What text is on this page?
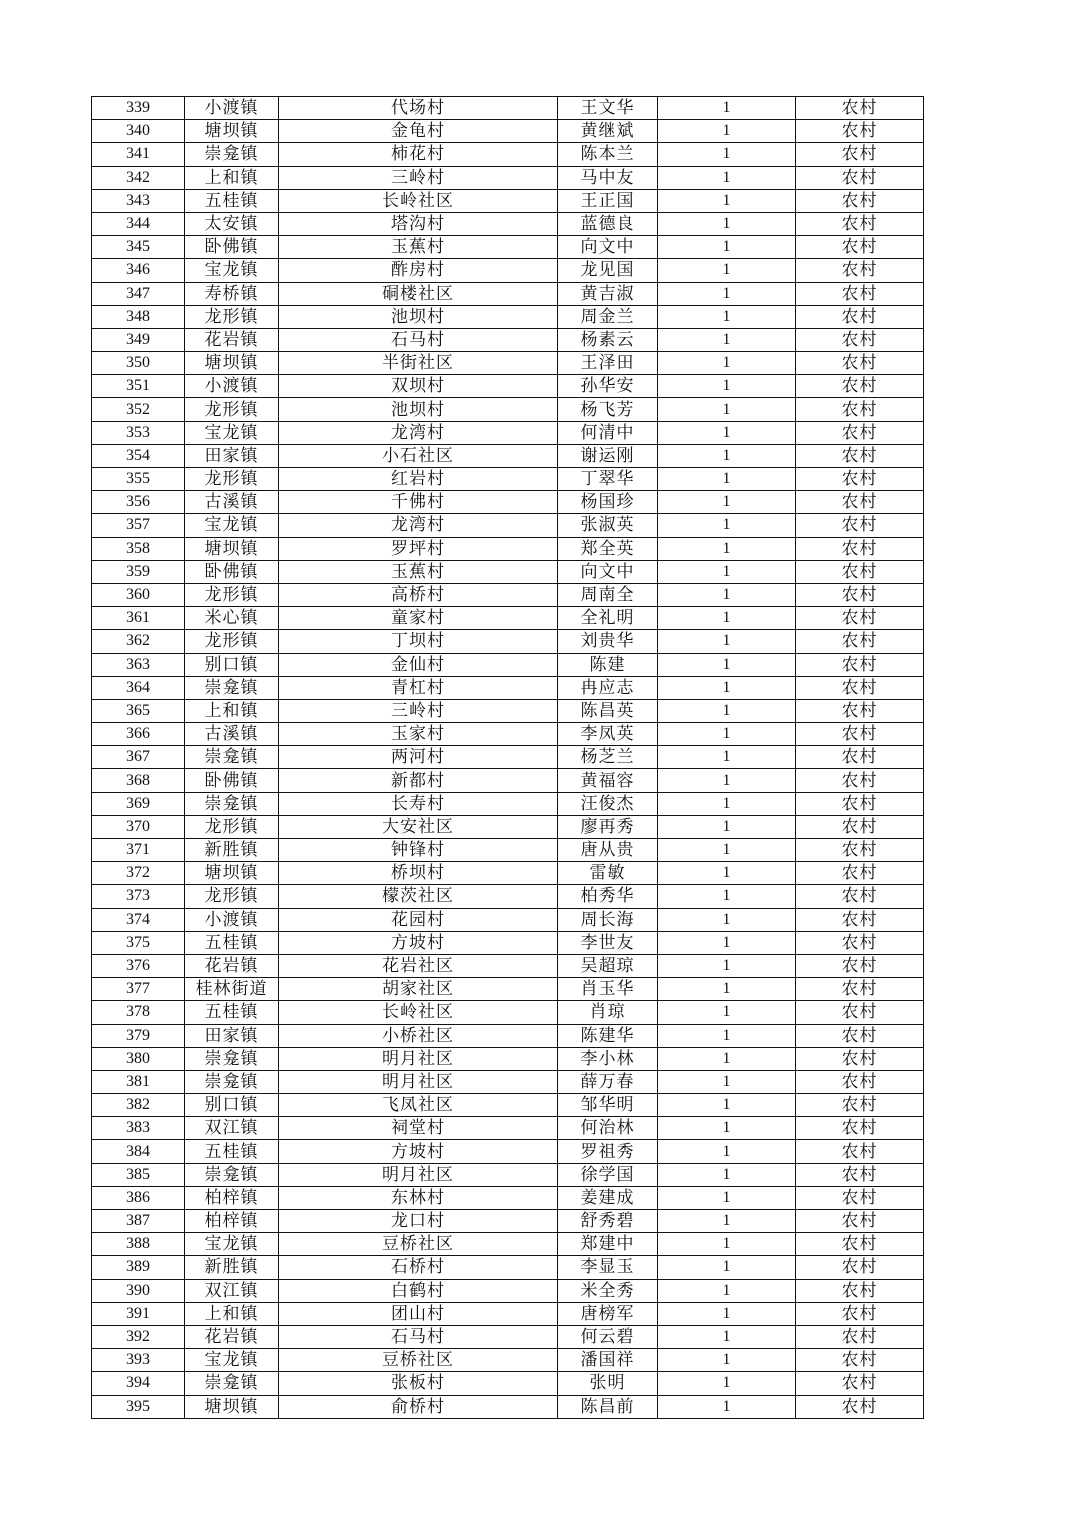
339	小渡镇	代场村	王文华	1	农村
340	塘坝镇	金龟村	黄继斌	1	农村
341	崇龛镇	柿花村	陈本兰	1	农村
342	上和镇	三岭村	马中友	1	农村
343	五桂镇	长岭社区	王正国	1	农村
344	太安镇	塔沟村	蓝德良	1	农村
345	卧佛镇	玉蕉村	向文中	1	农村
346	宝龙镇	酢房村	龙见国	1	农村
347	寿桥镇	硐楼社区	黄吉淑	1	农村
348	龙形镇	池坝村	周金兰	1	农村
349	花岩镇	石马村	杨素云	1	农村
350	塘坝镇	半街社区	王泽田	1	农村
351	小渡镇	双坝村	孙华安	1	农村
352	龙形镇	池坝村	杨飞芳	1	农村
353	宝龙镇	龙湾村	何清中	1	农村
354	田家镇	小石社区	谢运刚	1	农村
355	龙形镇	红岩村	丁翠华	1	农村
356	古溪镇	千佛村	杨国珍	1	农村
357	宝龙镇	龙湾村	张淑英	1	农村
358	塘坝镇	罗坪村	郑全英	1	农村
359	卧佛镇	玉蕉村	向文中	1	农村
360	龙形镇	高桥村	周南全	1	农村
361	米心镇	童家村	全礼明	1	农村
362	龙形镇	丁坝村	刘贵华	1	农村
363	别口镇	金仙村	陈建	1	农村
364	崇龛镇	青杠村	冉应志	1	农村
365	上和镇	三岭村	陈昌英	1	农村
366	古溪镇	玉家村	李凤英	1	农村
367	崇龛镇	两河村	杨芝兰	1	农村
368	卧佛镇	新都村	黄福容	1	农村
369	崇龛镇	长寿村	汪俊杰	1	农村
370	龙形镇	大安社区	廖再秀	1	农村
371	新胜镇	钟锋村	唐从贵	1	农村
372	塘坝镇	桥坝村	雷敏	1	农村
373	龙形镇	檬茨社区	柏秀华	1	农村
374	小渡镇	花园村	周长海	1	农村
375	五桂镇	方坡村	李世友	1	农村
376	花岩镇	花岩社区	吴超琼	1	农村
377	桂林街道	胡家社区	肖玉华	1	农村
378	五桂镇	长岭社区	肖琼	1	农村
379	田家镇	小桥社区	陈建华	1	农村
380	崇龛镇	明月社区	李小林	1	农村
381	崇龛镇	明月社区	薛万春	1	农村
382	别口镇	飞凤社区	邹华明	1	农村
383	双江镇	祠堂村	何治林	1	农村
384	五桂镇	方坡村	罗祖秀	1	农村
385	崇龛镇	明月社区	徐学国	1	农村
386	柏梓镇	东林村	姜建成	1	农村
387	柏梓镇	龙口村	舒秀碧	1	农村
388	宝龙镇	豆桥社区	郑建中	1	农村
389	新胜镇	石桥村	李显玉	1	农村
390	双江镇	白鹤村	米全秀	1	农村
391	上和镇	团山村	唐榜军	1	农村
392	花岩镇	石马村	何云碧	1	农村
393	宝龙镇	豆桥社区	潘国祥	1	农村
394	崇龛镇	张板村	张明	1	农村
395	塘坝镇	俞桥村	陈昌前	1	农村
